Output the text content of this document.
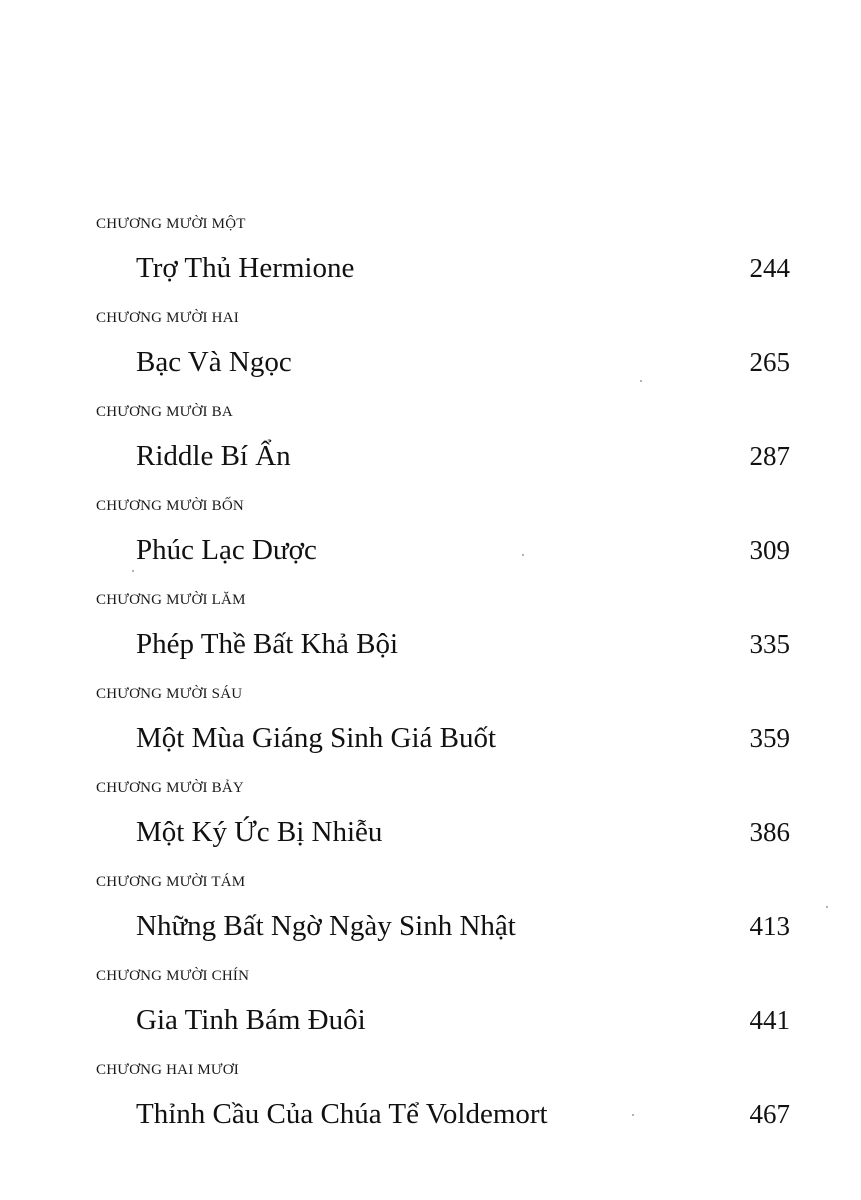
CHƯƠNG MƯỜI MỘT
Trợ Thủ Hermione	244
CHƯƠNG MƯỜI HAI
Bạc Và Ngọc	265
CHƯƠNG MƯỜI BA
Riddle Bí Ẩn	287
CHƯƠNG MƯỜI BỐN
Phúc Lạc Dược	309
CHƯƠNG MƯỜI LĂM
Phép Thề Bất Khả Bội	335
CHƯƠNG MƯỜI SÁU
Một Mùa Giáng Sinh Giá Buốt	359
CHƯƠNG MƯỜI BẢY
Một Ký Ức Bị Nhiễu	386
CHƯƠNG MƯỜI TÁM
Những Bất Ngờ Ngày Sinh Nhật	413
CHƯƠNG MƯỜI CHÍN
Gia Tinh Bám Đuôi	441
CHƯƠNG HAI MƯƠI
Thỉnh Cầu Của Chúa Tể Voldemort	467
